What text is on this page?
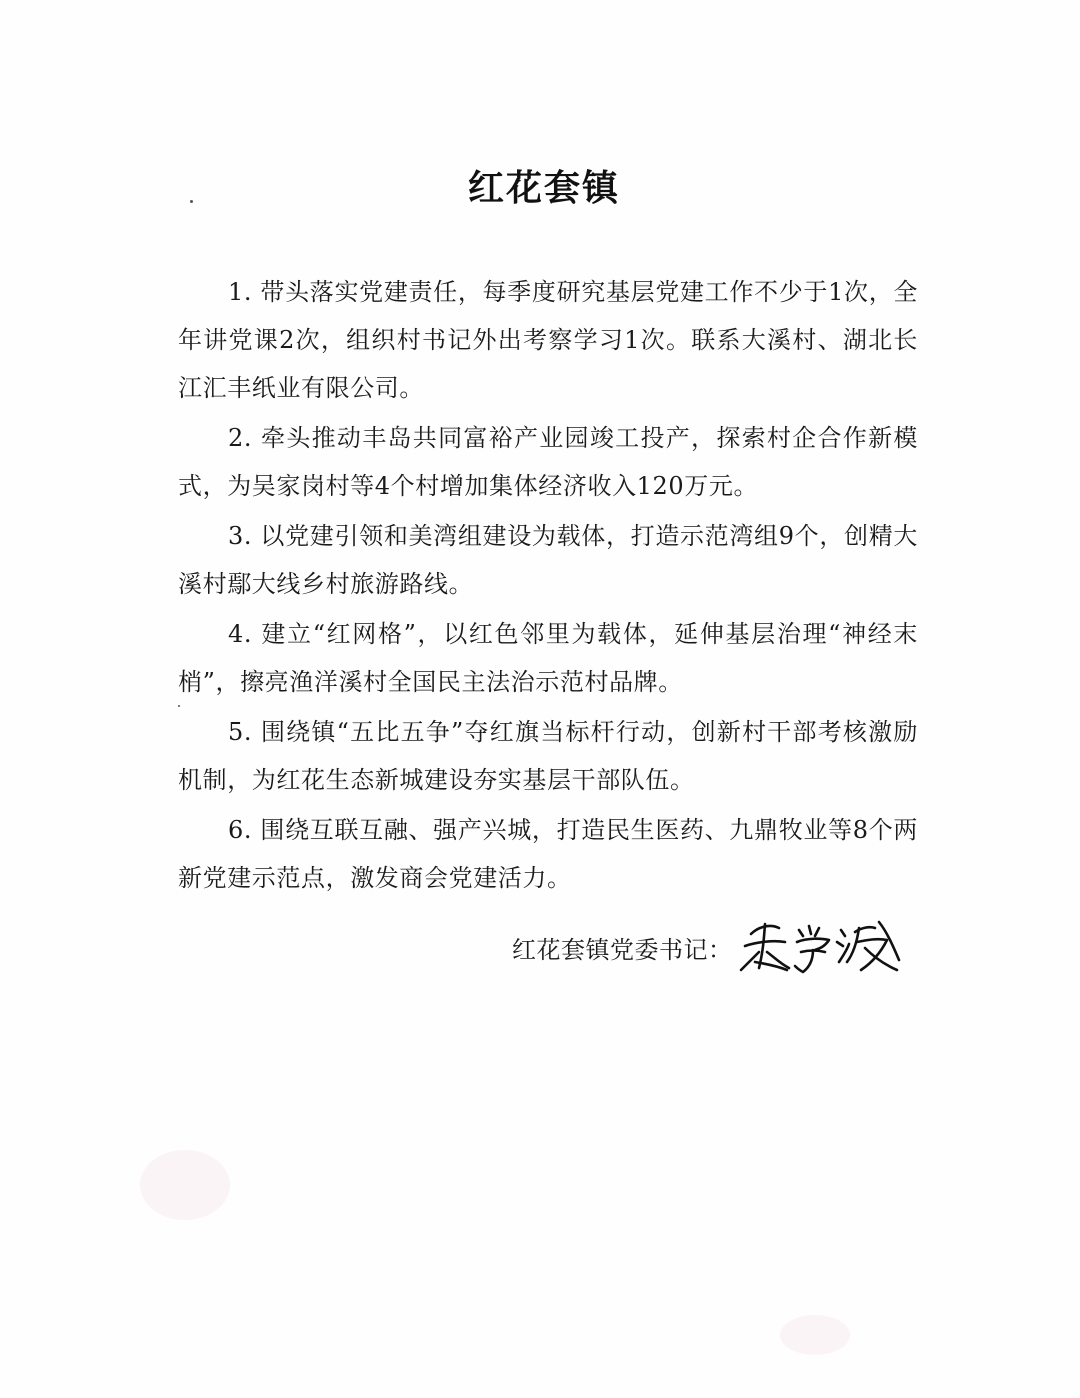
红花套镇

1. 带头落实党建责任，每季度研究基层党建工作不少于1次，全年讲党课2次，组织村书记外出考察学习1次。联系大溪村、湖北长江汇丰纸业有限公司。

2. 牵头推动丰岛共同富裕产业园竣工投产，探索村企合作新模式，为吴家岗村等4个村增加集体经济收入120万元。

3. 以党建引领和美湾组建设为载体，打造示范湾组9个，创精大溪村鄢大线乡村旅游路线。

4. 建立“红网格”，以红色邻里为载体，延伸基层治理“神经末梢”，擦亮渔洋溪村全国民主法治示范村品牌。

5. 围绕镇“五比五争”夺红旗当标杆行动，创新村干部考核激励机制，为红花生态新城建设夯实基层干部队伍。

6. 围绕互联互融、强产兴城，打造民生医药、九鼎牧业等8个两新党建示范点，激发商会党建活力。

红花套镇党委书记：
